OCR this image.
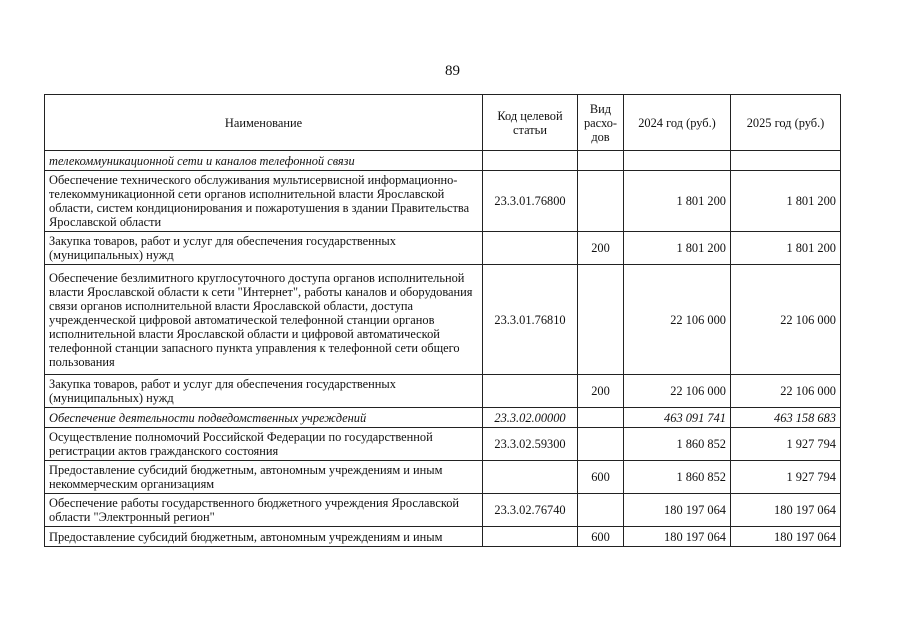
89
Наименование	Код целевой статьи	Вид расхо-дов	2024 год (руб.)	2025 год (руб.)
телекоммуникационной сети и каналов телефонной связи				
Обеспечение технического обслуживания мультисервисной информационно-телекоммуникационной сети органов исполнительной власти Ярославской области, систем кондиционирования и пожаротушения в здании Правительства Ярославской области	23.3.01.76800		1 801 200	1 801 200
Закупка товаров, работ и услуг для обеспечения государственных (муниципальных) нужд		200	1 801 200	1 801 200
Обеспечение безлимитного круглосуточного доступа органов исполнительной власти Ярославской области к сети "Интернет", работы каналов и оборудования связи органов исполнительной власти Ярославской области, доступа учрежденческой цифровой автоматической телефонной станции органов исполнительной власти Ярославской области и цифровой автоматической телефонной станции запасного пункта управления к телефонной сети общего пользования	23.3.01.76810		22 106 000	22 106 000
Закупка товаров, работ и услуг для обеспечения государственных (муниципальных) нужд		200	22 106 000	22 106 000
Обеспечение деятельности подведомственных учреждений	23.3.02.00000		463 091 741	463 158 683
Осуществление полномочий Российской Федерации по государственной регистрации актов гражданского состояния	23.3.02.59300		1 860 852	1 927 794
Предоставление субсидий бюджетным, автономным учреждениям и иным некоммерческим организациям		600	1 860 852	1 927 794
Обеспечение работы государственного бюджетного учреждения Ярославской области "Электронный регион"	23.3.02.76740		180 197 064	180 197 064
Предоставление субсидий бюджетным, автономным учреждениям и иным		600	180 197 064	180 197 064
